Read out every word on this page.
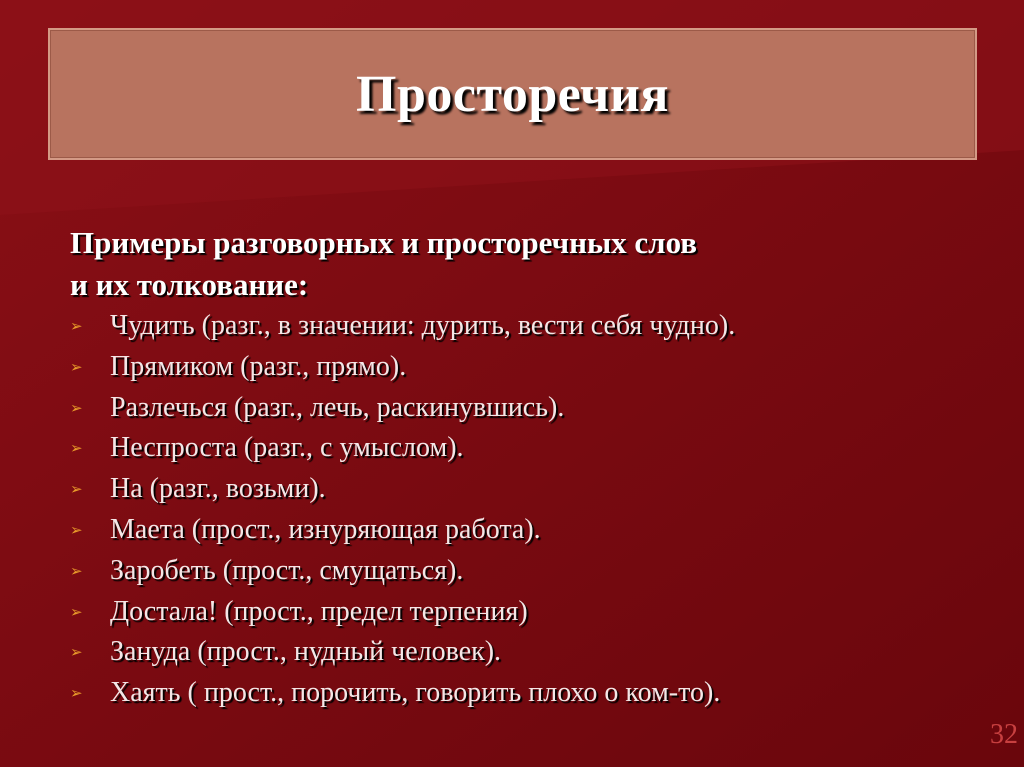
Просторечия
Примеры разговорных и просторечных слов
и их толкование:
➢ Чудить (разг., в значении: дурить, вести себя чудно).
➢ Прямиком (разг., прямо).
➢ Разлечься (разг., лечь, раскинувшись).
➢ Неспроста (разг., с умыслом).
➢ На (разг., возьми).
➢ Маета (прост., изнуряющая работа).
➢ Заробеть (прост., смущаться).
➢ Достала! (прост., предел терпения)
➢ Зануда (прост., нудный человек).
➢ Хаять ( прост., порочить, говорить плохо о ком-то).
32
